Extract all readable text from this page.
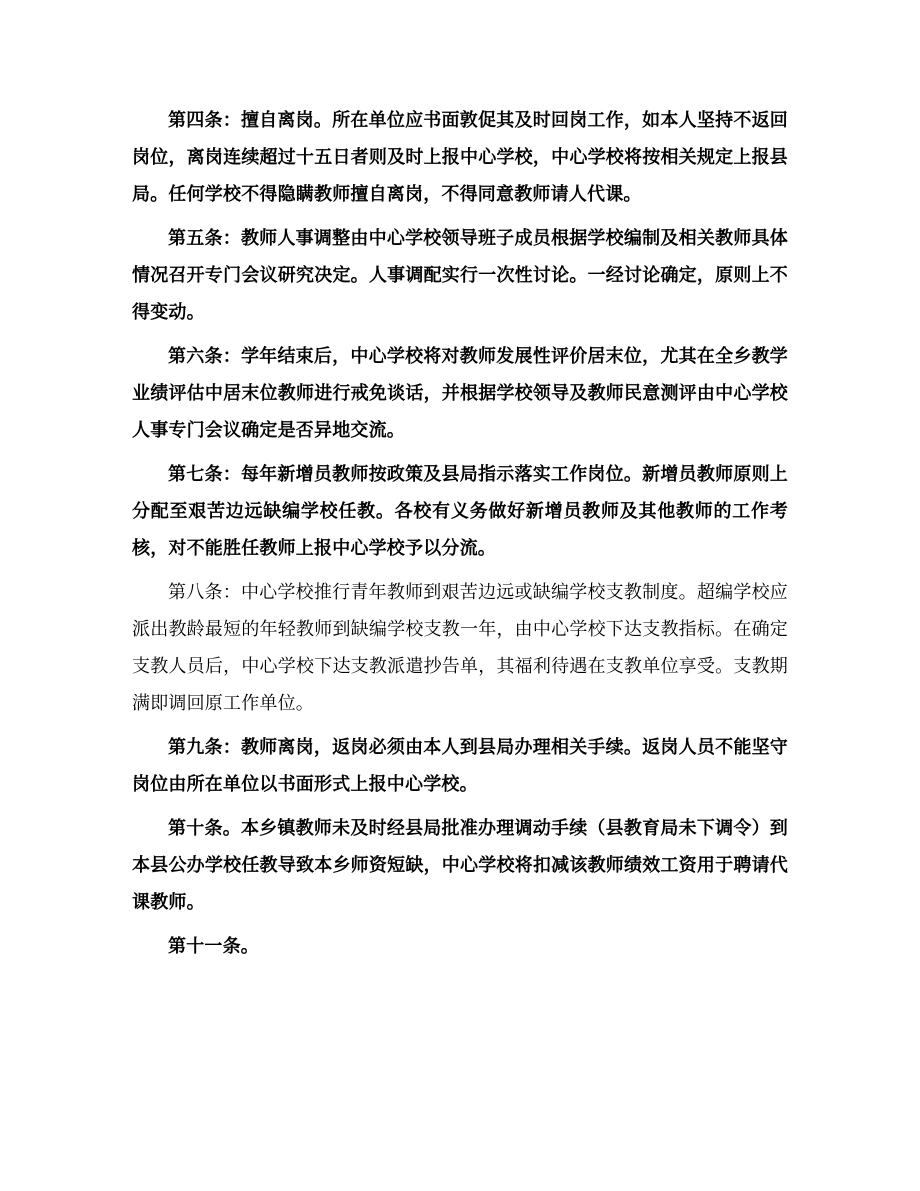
第四条：擅自离岗。所在单位应书面敦促其及时回岗工作，如本人坚持不返回岗位，离岗连续超过十五日者则及时上报中心学校，中心学校将按相关规定上报县局。任何学校不得隐瞒教师擅自离岗，不得同意教师请人代课。

第五条：教师人事调整由中心学校领导班子成员根据学校编制及相关教师具体情况召开专门会议研究决定。人事调配实行一次性讨论。一经讨论确定，原则上不得变动。

第六条：学年结束后，中心学校将对教师发展性评价居末位，尤其在全乡教学业绩评估中居末位教师进行戒免谈话，并根据学校领导及教师民意测评由中心学校人事专门会议确定是否异地交流。

第七条：每年新增员教师按政策及县局指示落实工作岗位。新增员教师原则上分配至艰苦边远缺编学校任教。各校有义务做好新增员教师及其他教师的工作考核，对不能胜任教师上报中心学校予以分流。

第八条：中心学校推行青年教师到艰苦边远或缺编学校支教制度。超编学校应派出教龄最短的年轻教师到缺编学校支教一年，由中心学校下达支教指标。在确定支教人员后，中心学校下达支教派遣抄告单，其福利待遇在支教单位享受。支教期满即调回原工作单位。

第九条：教师离岗，返岗必须由本人到县局办理相关手续。返岗人员不能坚守岗位由所在单位以书面形式上报中心学校。

第十条。本乡镇教师未及时经县局批准办理调动手续（县教育局未下调令）到本县公办学校任教导致本乡师资短缺，中心学校将扣减该教师绩效工资用于聘请代课教师。

第十一条。
